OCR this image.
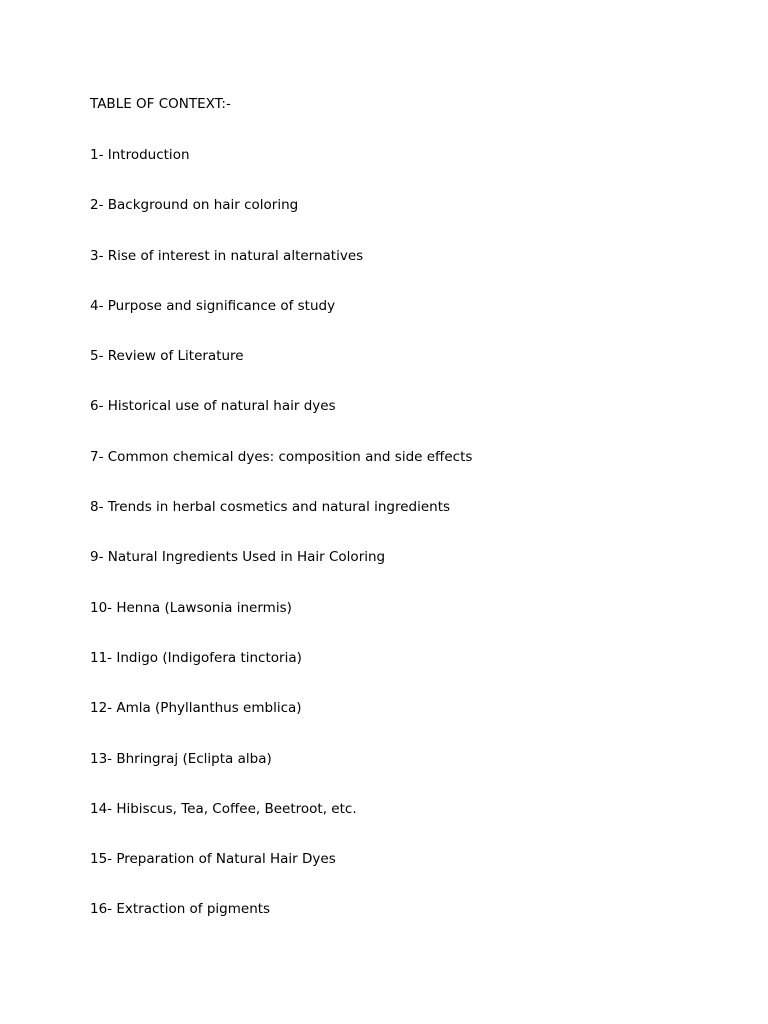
TABLE OF CONTEXT:-
1- Introduction
2- Background on hair coloring
3- Rise of interest in natural alternatives
4- Purpose and significance of study
5- Review of Literature
6- Historical use of natural hair dyes
7- Common chemical dyes: composition and side effects
8- Trends in herbal cosmetics and natural ingredients
9- Natural Ingredients Used in Hair Coloring
10- Henna (Lawsonia inermis)
11- Indigo (Indigofera tinctoria)
12- Amla (Phyllanthus emblica)
13- Bhringraj (Eclipta alba)
14- Hibiscus, Tea, Coffee, Beetroot, etc.
15- Preparation of Natural Hair Dyes
16- Extraction of pigments
